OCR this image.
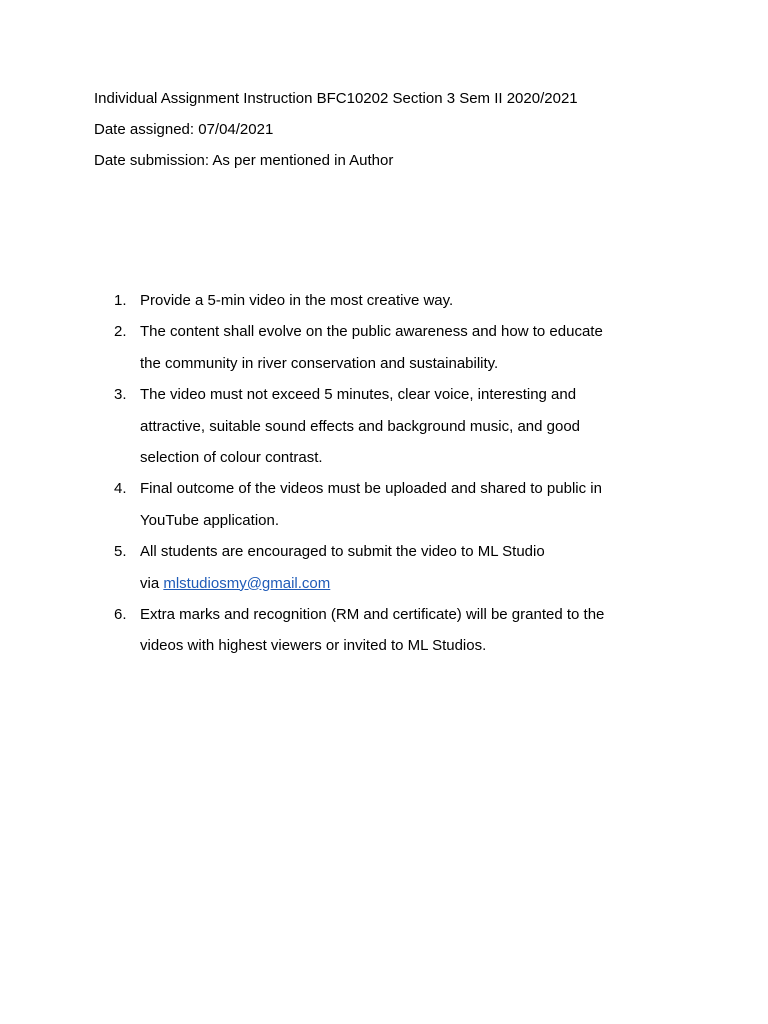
Individual Assignment Instruction BFC10202 Section 3 Sem II 2020/2021
Date assigned: 07/04/2021
Date submission: As per mentioned in Author
1. Provide a 5-min video in the most creative way.
2. The content shall evolve on the public awareness and how to educate
the community in river conservation and sustainability.
3. The video must not exceed 5 minutes, clear voice, interesting and
attractive, suitable sound effects and background music, and good
selection of colour contrast.
4. Final outcome of the videos must be uploaded and shared to public in
YouTube application.
5. All students are encouraged to submit the video to ML Studio
via mlstudiosmy@gmail.com
6. Extra marks and recognition (RM and certificate) will be granted to the
videos with highest viewers or invited to ML Studios.
